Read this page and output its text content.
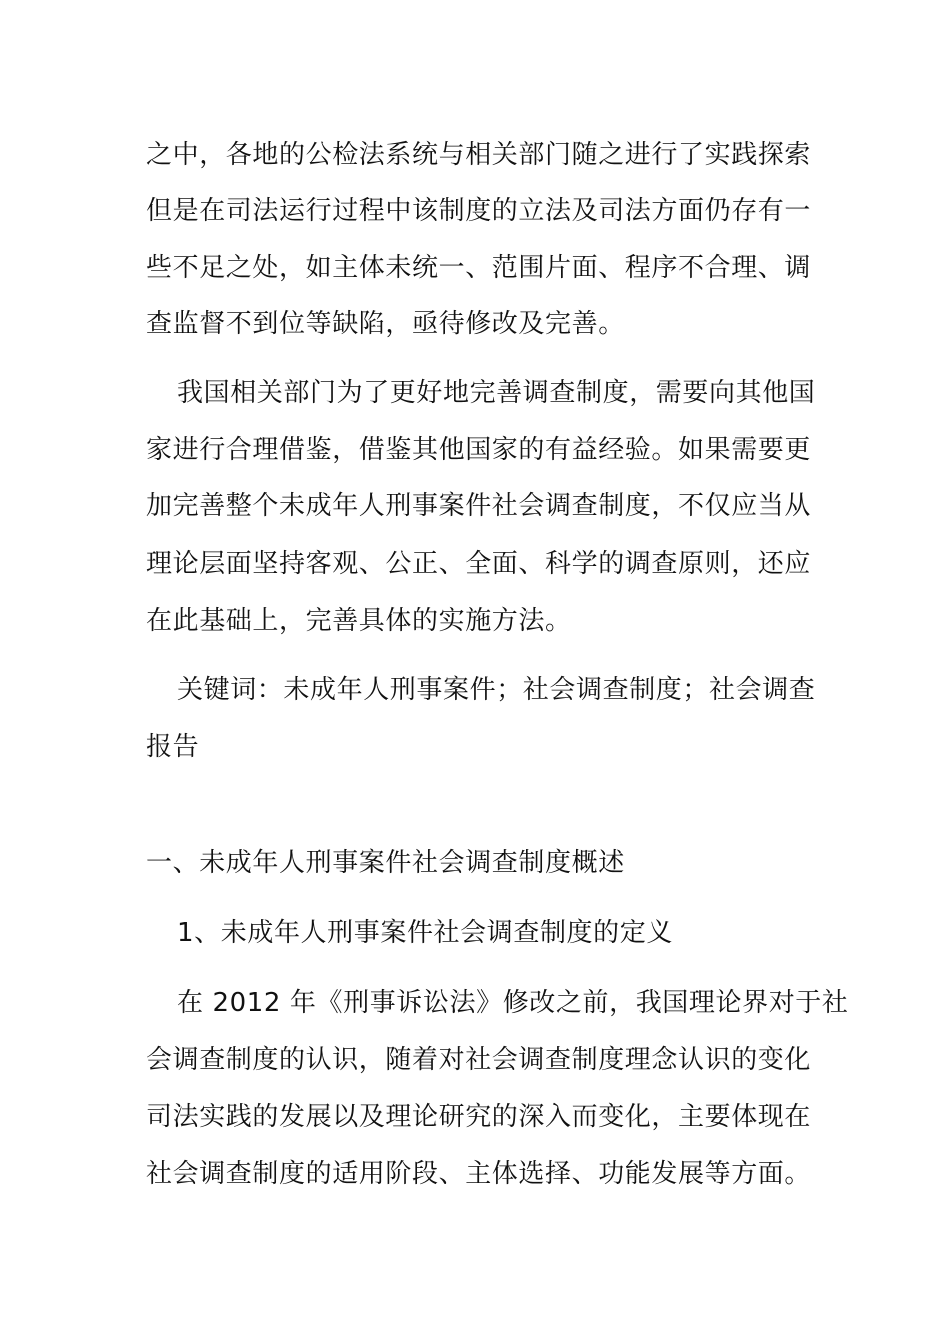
之中，各地的公检法系统与相关部门随之进行了实践探索
但是在司法运行过程中该制度的立法及司法方面仍存有一
些不足之处，如主体未统一、范围片面、程序不合理、调
查监督不到位等缺陷，亟待修改及完善。
我国相关部门为了更好地完善调查制度，需要向其他国
家进行合理借鉴，借鉴其他国家的有益经验。如果需要更
加完善整个未成年人刑事案件社会调查制度，不仅应当从
理论层面坚持客观、公正、全面、科学的调查原则，还应
在此基础上，完善具体的实施方法。
关键词：未成年人刑事案件；社会调查制度；社会调查
报告
一、未成年人刑事案件社会调查制度概述
1、未成年人刑事案件社会调查制度的定义
在 2012 年《刑事诉讼法》修改之前，我国理论界对于社
会调查制度的认识，随着对社会调查制度理念认识的变化
司法实践的发展以及理论研究的深入而变化，主要体现在
社会调查制度的适用阶段、主体选择、功能发展等方面。
